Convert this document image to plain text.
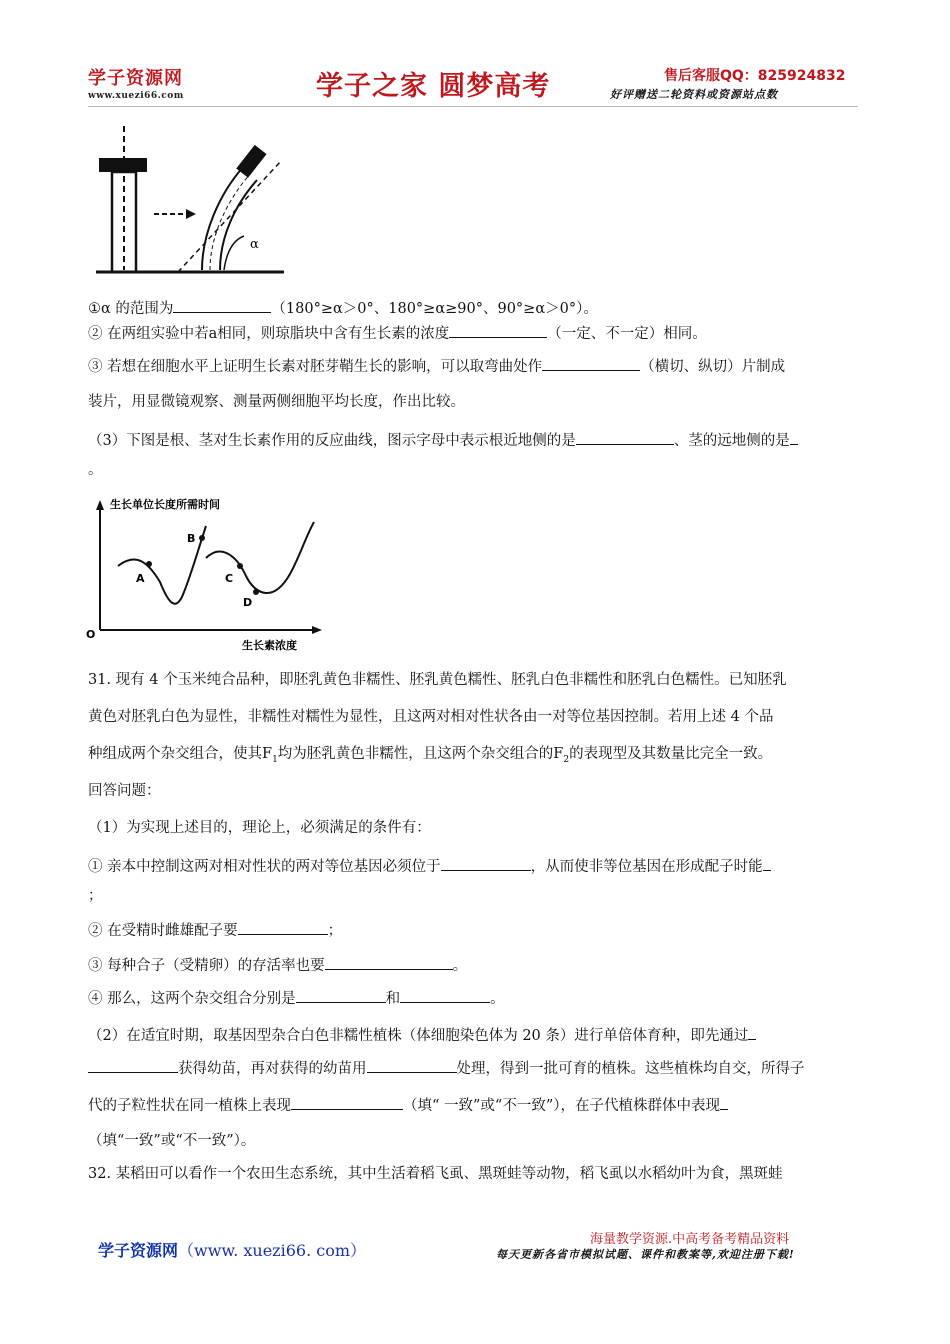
学子资源网
www.xuezi66.com	学子之家 圆梦高考	售后客服QQ：825924832
好评赠送二轮资料或资源站点数
α
①α 的范围为	（180°≥α＞0°、180°≥α≥90°、90°≥α＞0°）。
② 在两组实验中若a相同，则琼脂块中含有生长素的浓度	（一定、不一定）相同。
③ 若想在细胞水平上证明生长素对胚芽鞘生长的影响，可以取弯曲处作	（横切、纵切）片制成
装片，用显微镜观察、测量两侧细胞平均长度，作出比较。
（3）下图是根、茎对生长素作用的反应曲线，图示字母中表示根近地侧的是	、茎的远地侧的是
。
生长单位长度所需时间
生长素浓度
O
A
B
C
D
31. 现有 4 个玉米纯合品种，即胚乳黄色非糯性、胚乳黄色糯性、胚乳白色非糯性和胚乳白色糯性。已知胚乳
黄色对胚乳白色为显性，非糯性对糯性为显性，且这两对相对性状各由一对等位基因控制。若用上述 4 个品
种组成两个杂交组合，使其$F_1$均为胚乳黄色非糯性，且这两个杂交组合的$F_2$的表现型及其数量比完全一致。
回答问题：
（1）为实现上述目的，理论上，必须满足的条件有：
① 亲本中控制这两对相对性状的两对等位基因必须位于	，从而使非等位基因在形成配子时能
；
② 在受精时雌雄配子要	；
③ 每种合子（受精卵）的存活率也要	。
④ 那么，这两个杂交组合分别是	和	。
（2）在适宜时期，取基因型杂合白色非糯性植株（体细胞染色体为 20 条）进行单倍体育种，即先通过
获得幼苗，再对获得的幼苗用	处理，得到一批可育的植株。这些植株均自交，所得子
代的子粒性状在同一植株上表现	（填“ 一致”或“不一致”），在子代植株群体中表现
（填“一致”或“不一致”）。
32. 某稻田可以看作一个农田生态系统，其中生活着稻飞虱、黑斑蛙等动物，稻飞虱以水稻幼叶为食，黑斑蛙
学子资源网（www. xuezi66. com）
海量教学资源.中高考备考精品资料
每天更新各省市模拟试题、课件和教案等,欢迎注册下载!
